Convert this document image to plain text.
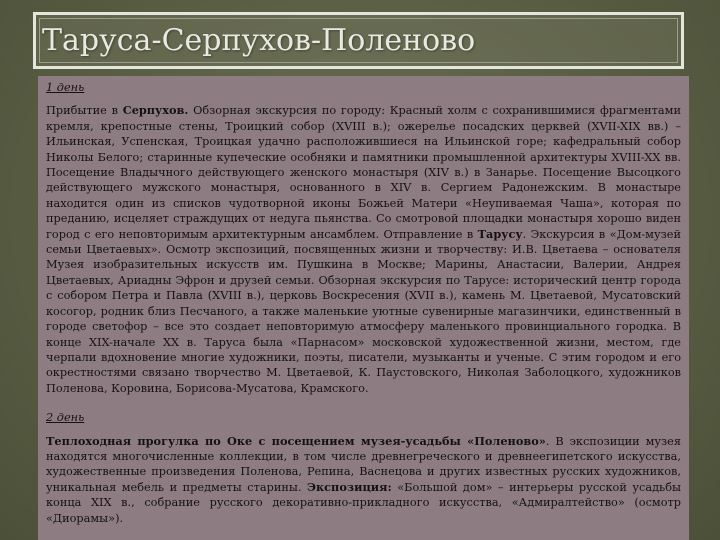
Таруса-Серпухов-Поленово
1 день

Прибытие в Серпухов. Обзорная экскурсия по городу: Красный холм с сохранившимися фрагментами кремля, крепостные стены, Троицкий собор (XVIII в.); ожерелье посадских церквей (XVII-XIX вв.) – Ильинская, Успенская, Троицкая удачно расположившиеся на Ильинской горе; кафедральный собор Николы Белого; старинные купеческие особняки и памятники промышленной архитектуры XVIII-XX вв. Посещение Владычного действующего женского монастыря (XIV в.) в Занарье. Посещение Высоцкого действующего мужского монастыря, основанного в XIV в. Сергием Радонежским. В монастыре находится один из списков чудотворной иконы Божьей Матери «Неупиваемая Чаша», которая по преданию, исцеляет страждущих от недуга пьянства. Со смотровой площадки монастыря хорошо виден город с его неповторимым архитектурным ансамблем. Отправление в Тарусу. Экскурсия в «Дом-музей семьи Цветаевых». Осмотр экспозиций, посвященных жизни и творчеству: И.В. Цветаева – основателя Музея изобразительных искусств им. Пушкина в Москве; Марины, Анастасии, Валерии, Андрея Цветаевых, Ариадны Эфрон и друзей семьи. Обзорная экскурсия по Тарусе: исторический центр города с собором Петра и Павла (XVIII в.), церковь Воскресения (XVII в.), камень М. Цветаевой, Мусатовский косогор, родник близ Песчаного, а также маленькие уютные сувенирные магазинчики, единственный в городе светофор – все это создает неповторимую атмосферу маленького провинциального городка. В конце XIX-начале XX в. Таруса была «Парнасом» московской художественной жизни, местом, где черпали вдохновение многие художники, поэты, писатели, музыканты и ученые. С этим городом и его окрестностями связано творчество М. Цветаевой, К. Паустовского, Николая Заболоцкого, художников Поленова, Коровина, Борисова-Мусатова, Крамского.

2 день

Теплоходная прогулка по Оке с посещением музея-усадьбы «Поленово». В экспозиции музея находятся многочисленные коллекции, в том числе древнегреческого и древнеегипетского искусства, художественные произведения Поленова, Репина, Васнецова и других известных русских художников, уникальная мебель и предметы старины. Экспозиция: «Большой дом» – интерьеры русской усадьбы конца XIX в., собрание русского декоративно-прикладного искусства, «Адмиралтейство» (осмотр «Диорамы»).
